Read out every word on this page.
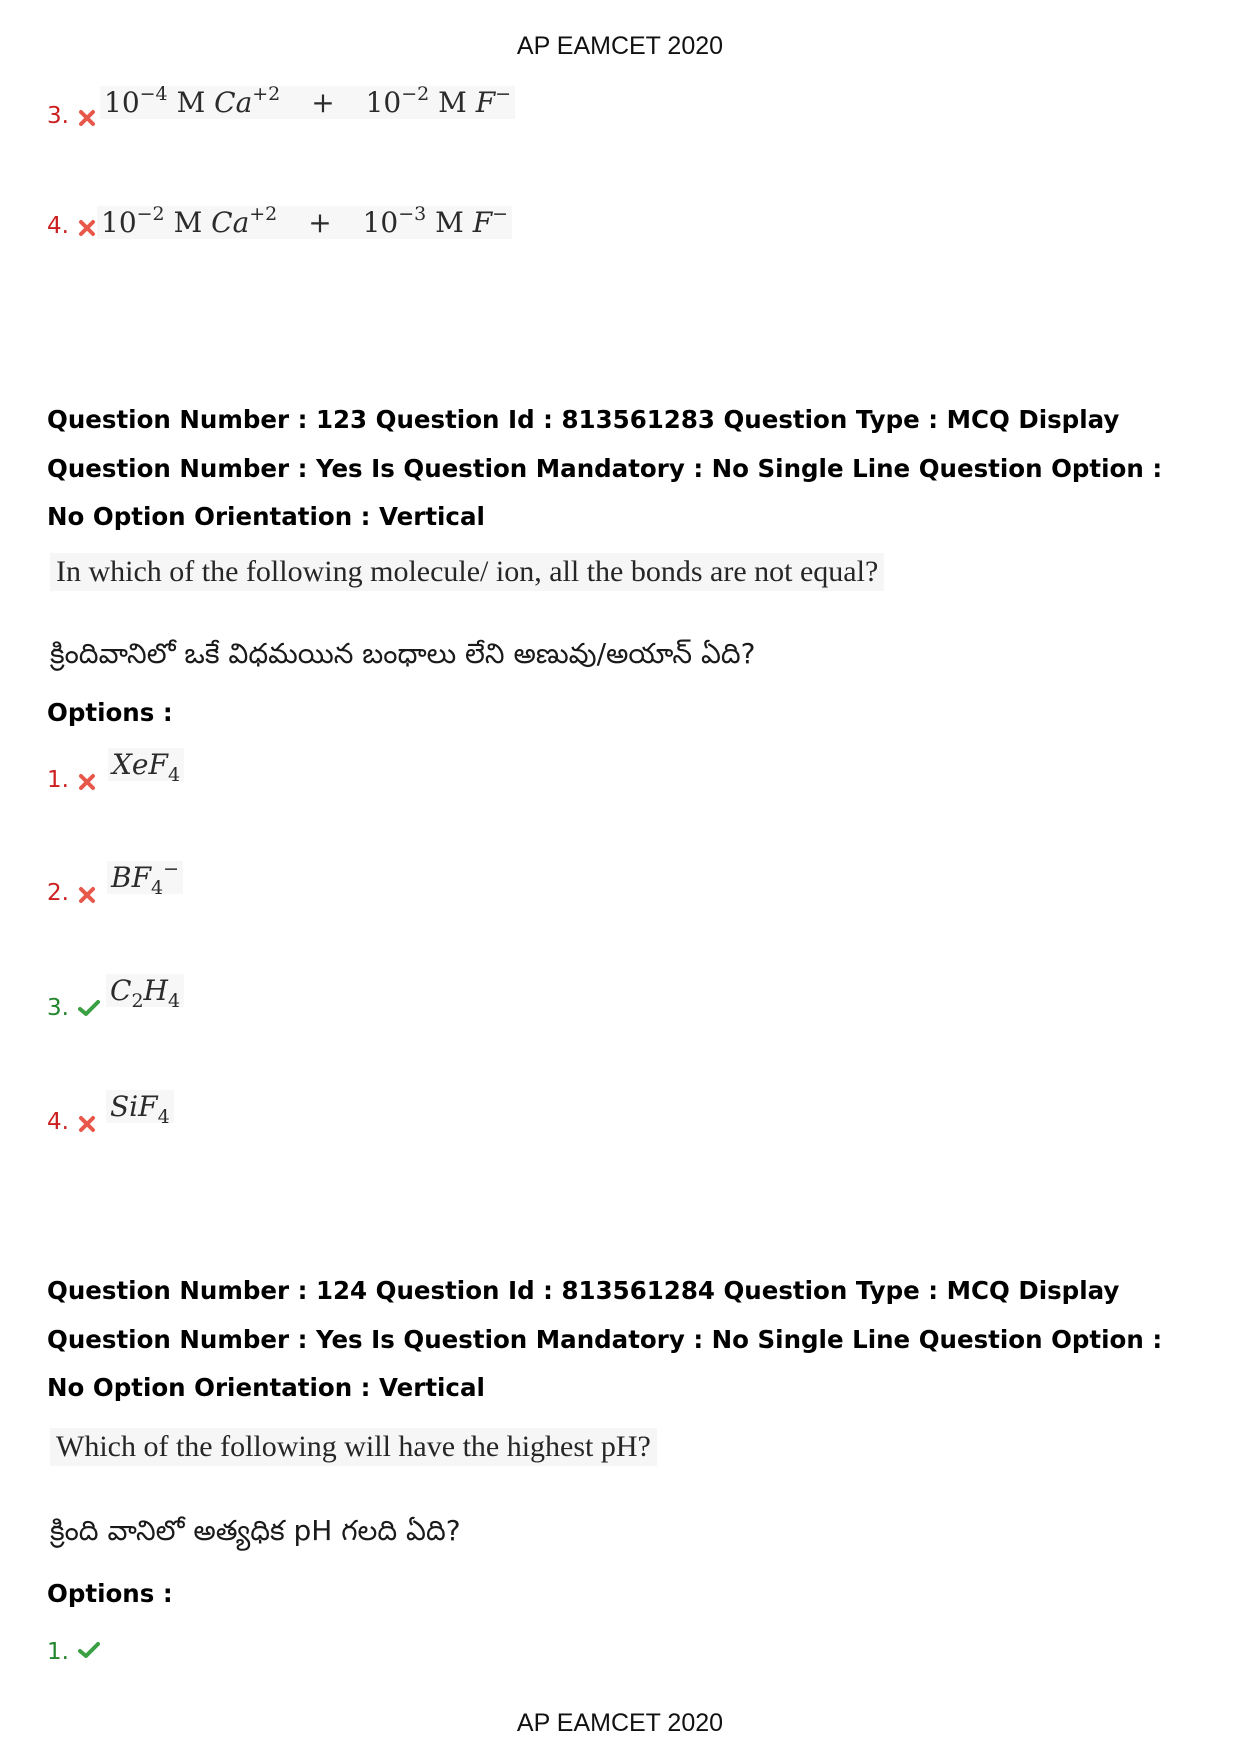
AP EAMCET 2020
3. $10^{-4}$ M $Ca^{+2} + 10^{-2}$ M F−
4. $10^{-2}$ M $Ca^{+2} + 10^{-3}$ M F−
Question Number : 123 Question Id : 813561283 Question Type : MCQ Display Question Number : Yes Is Question Mandatory : No Single Line Question Option : No Option Orientation : Vertical
In which of the following molecule/ ion, all the bonds are not equal?
క్రిందివానిలో ఒకే విధమయిన బంధాలు లేని అణువు/అయాన్ ఏది?
Options :
1. XeF$_4$
2. $BF_4^-$
3.
$C_2H_4$
4. SiF$_4$
Question Number : 124 Question Id : 813561284 Question Type : MCQ Display Question Number : Yes Is Question Mandatory : No Single Line Question Option : No Option Orientation : Vertical
Which of the following will have the highest pH?
క్రింది వానిలో అత్యధిక pH గలది ఏది?
Options :
1.
AP EAMCET 2020
